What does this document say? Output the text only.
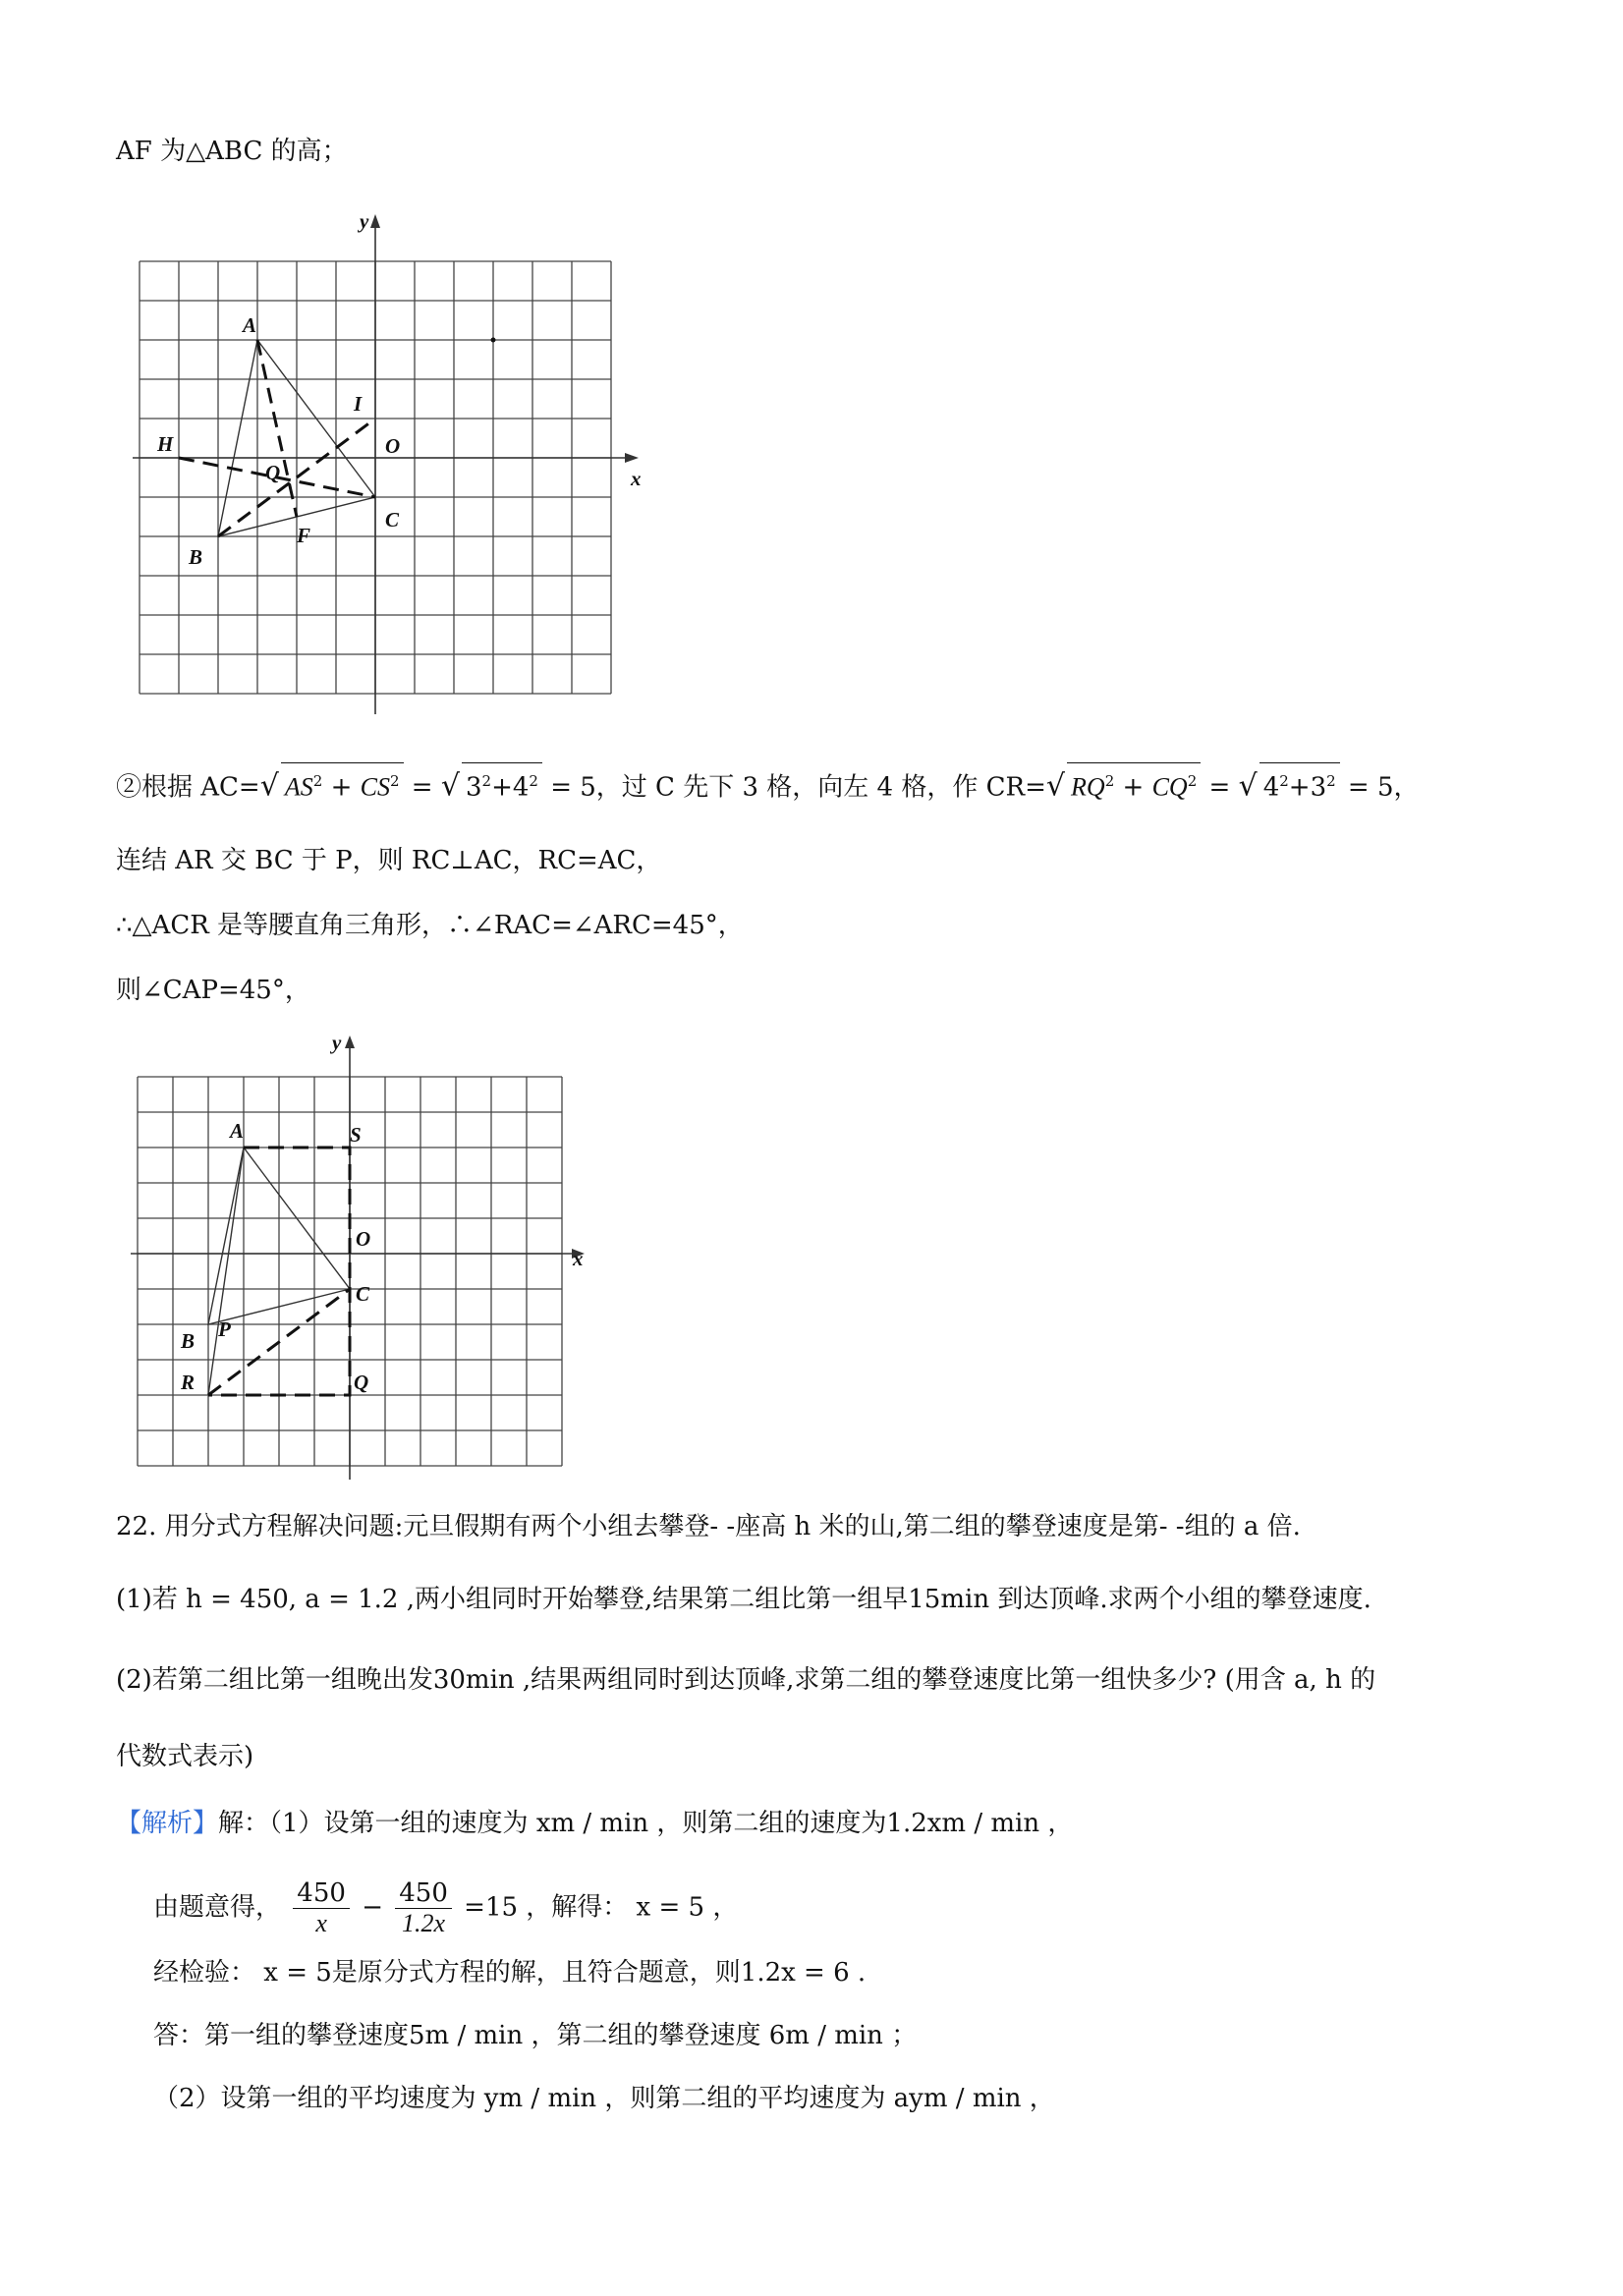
AF 为△ABC 的高；
y
x
A
I
H	O
Q
C
B
F
②根据 AC=√ $AS^2 + CS^2$ = √ $3^2+4^2 = 5$，过 C 先下 3 格，向左 4 格，作 CR=√ $RQ^2 + CQ^2$ = √ $4^2+3^2 = 5$，
连结 AR 交 BC 于 P，则 RC⊥AC，RC=AC，
∴△ACR 是等腰直角三角形，∴∠RAC=∠ARC=45°，
则∠CAP=45°，
y
x
A	S
O
C
B P
R	Q
22. 用分式方程解决问题:元旦假期有两个小组去攀登- -座高 h 米的山,第二组的攀登速度是第- -组的 a 倍.
(1)若 h = 450, a = 1.2 ,两小组同时开始攀登,结果第二组比第一组早15min 到达顶峰.求两个小组的攀登速度.
(2)若第二组比第一组晚出发30min ,结果两组同时到达顶峰,求第二组的攀登速度比第一组快多少? (用含 a, h 的
代数式表示)
【解析】解：（1）设第一组的速度为 xm / min ，则第二组的速度为1.2xm / min ，
由题意得， $\frac{450}{x} - \frac{450}{1.2x} =15$ ，解得： x = 5 ，
经检验： x = 5是原分式方程的解，且符合题意，则1.2x = 6 .
答：第一组的攀登速度5m / min ，第二组的攀登速度 6m / min ；
（2）设第一组的平均速度为 ym / min ，则第二组的平均速度为 aym / min ，
